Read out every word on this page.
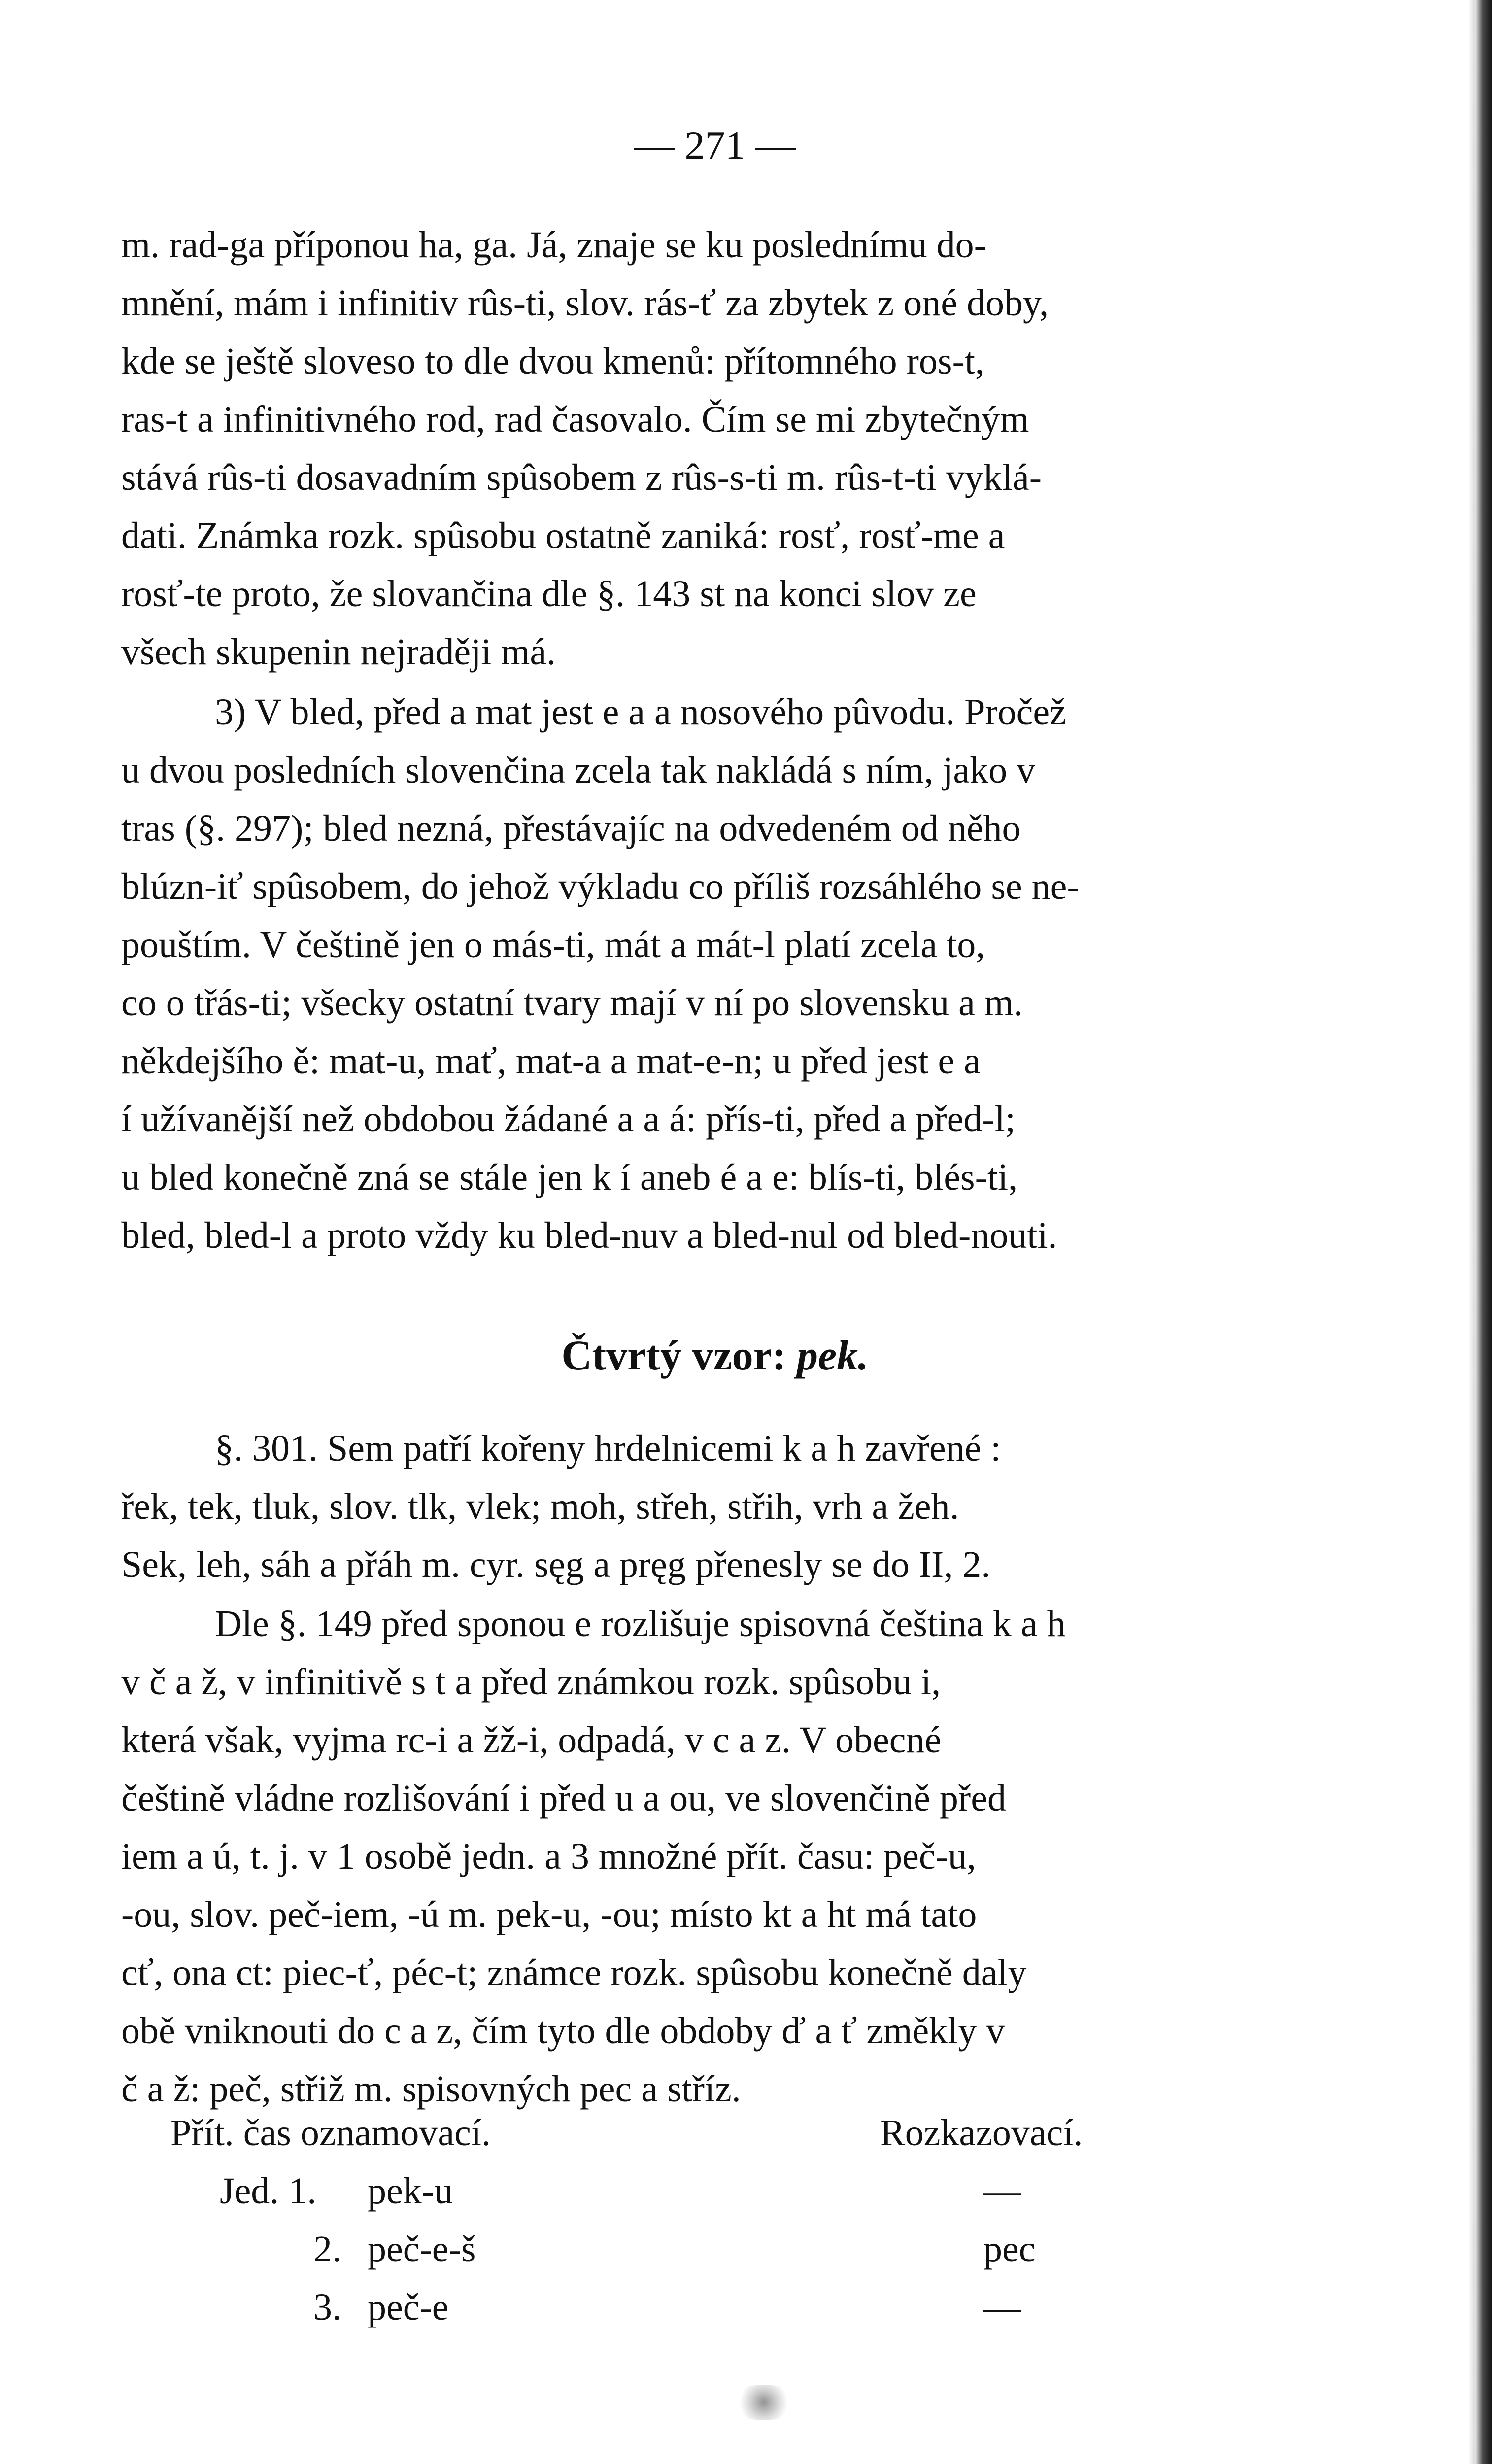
— 271 —
m. rad-ga příponou ha, ga. Já, znaje se ku poslednímu do-
mnění, mám i infinitiv rûs-ti, slov. rás-ť za zbytek z oné doby,
kde se ještě sloveso to dle dvou kmenů: přítomného ros-t,
ras-t a infinitivného rod, rad časovalo. Čím se mi zbytečným
stává rûs-ti dosavadním spûsobem z rûs-s-ti m. rûs-t-ti vyklá-
dati. Známka rozk. spûsobu ostatně zaniká: rosť, rosť-me a
rosť-te proto, že slovančina dle §. 143 st na konci slov ze
všech skupenin nejraději má.
3) V bled, před a mat jest e a a nosového pûvodu. Pročež
u dvou posledních slovenčina zcela tak nakládá s ním, jako v
tras (§. 297); bled nezná, přestávajíc na odvedeném od něho
blúzn-iť spûsobem, do jehož výkladu co příliš rozsáhlého se ne-
pouštím. V češtině jen o más-ti, mát a mát-l platí zcela to,
co o třás-ti; všecky ostatní tvary mají v ní po slovensku a m.
někdejšího ě: mat-u, mať, mat-a a mat-e-n; u před jest e a
í užívanější než obdobou žádané a a á: přís-ti, před a před-l;
u bled konečně zná se stále jen k í aneb é a e: blís-ti, blés-ti,
bled, bled-l a proto vždy ku bled-nuv a bled-nul od bled-nouti.
Čtvrtý vzor: pek.
§. 301. Sem patří kořeny hrdelnicemi k a h zavřené :
řek, tek, tluk, slov. tlk, vlek; moh, střeh, střih, vrh a žeh.
Sek, leh, sáh a přáh m. cyr. sęg a pręg přenesly se do II, 2.
Dle §. 149 před sponou e rozlišuje spisovná čeština k a h
v č a ž, v infinitivě s t a před známkou rozk. spûsobu i,
která však, vyjma rc-i a žž-i, odpadá, v c a z. V obecné
češtině vládne rozlišování i před u a ou, ve slovenčině před
iem a ú, t. j. v 1 osobě jedn. a 3 množné přít. času: peč-u,
-ou, slov. peč-iem, -ú m. pek-u, -ou; místo kt a ht má tato
cť, ona ct: piec-ť, péc-t; známce rozk. spûsobu konečně daly
obě vniknouti do c a z, čím tyto dle obdoby ď a ť změkly v
č a ž: peč, střiž m. spisovných pec a stříz.
Přít. čas oznamovací.	Rozkazovací.
Jed. 1. pek-u	—
2. peč-e-š	pec
3. peč-e	—
